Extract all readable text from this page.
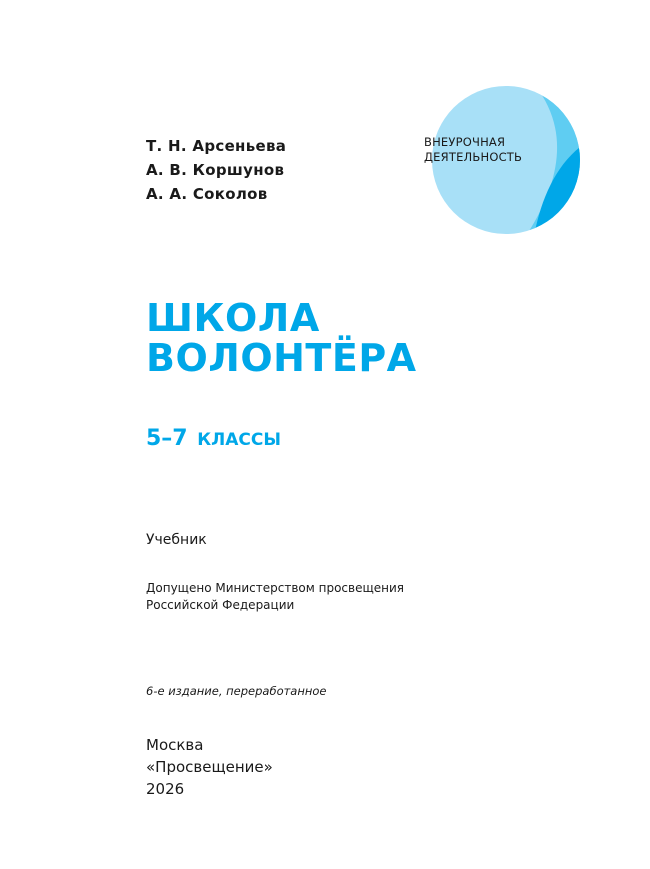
Т. Н. Арсеньева
А. В. Коршунов
А. А. Соколов
ВНЕУРОЧНАЯ
ДЕЯТЕЛЬНОСТЬ
ШКОЛА
ВОЛОНТЁРА
5–7 КЛАССЫ
Учебник
Допущено Министерством просвещения
Российской Федерации
6-е издание, переработанное
Москва
«Просвещение»
2026
